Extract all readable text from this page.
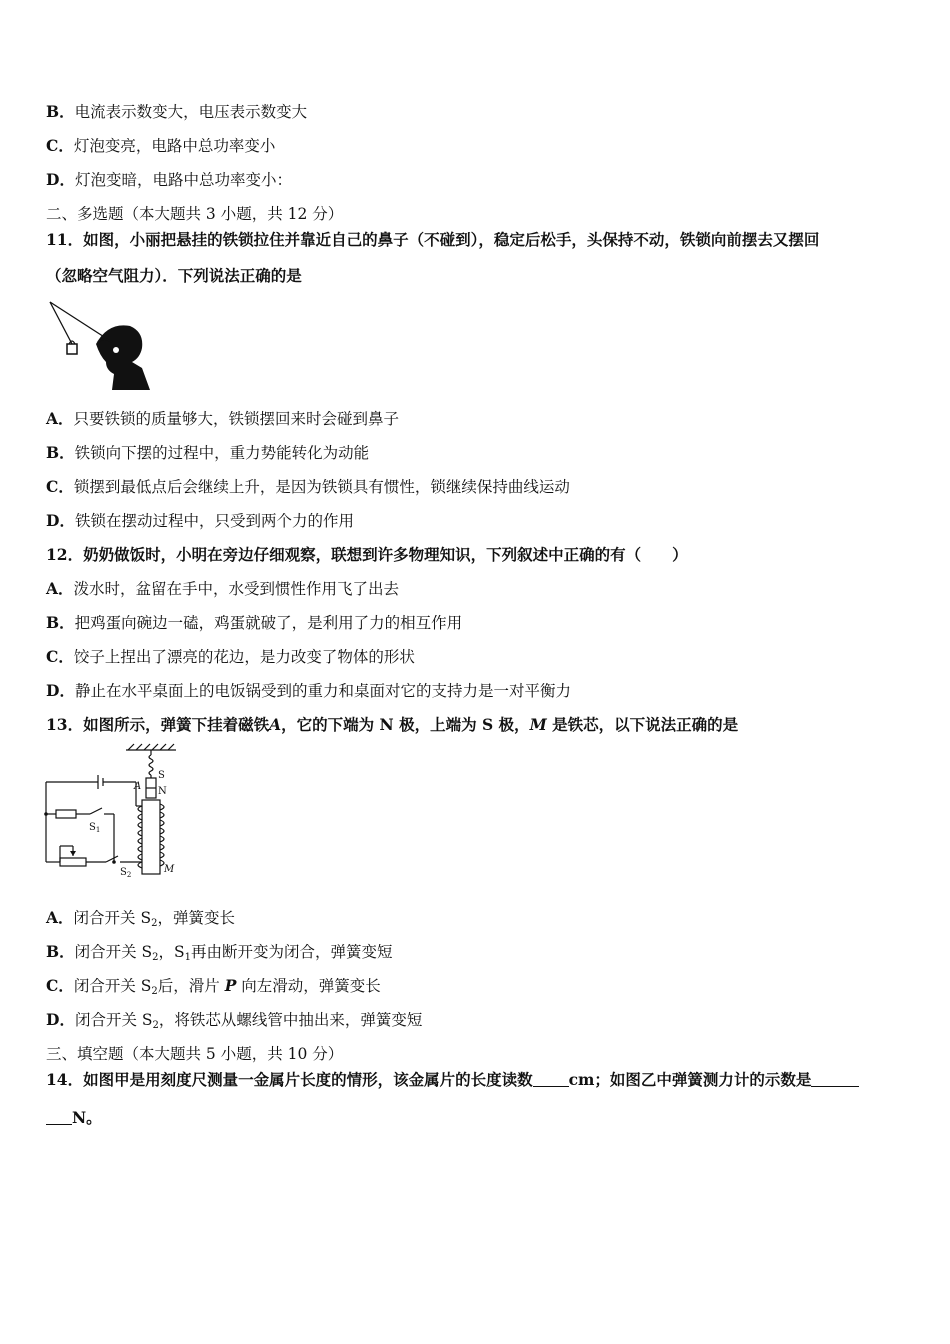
B．电流表示数变大，电压表示数变大
C．灯泡变亮，电路中总功率变小
D．灯泡变暗，电路中总功率变小：
二、多选题（本大题共 3 小题，共 12 分）
11．如图，小丽把悬挂的铁锁拉住并靠近自己的鼻子（不碰到），稳定后松手，头保持不动，铁锁向前摆去又摆回
（忽略空气阻力）．下列说法正确的是
A．只要铁锁的质量够大，铁锁摆回来时会碰到鼻子
B．铁锁向下摆的过程中，重力势能转化为动能
C．锁摆到最低点后会继续上升，是因为铁锁具有惯性，锁继续保持曲线运动
D．铁锁在摆动过程中，只受到两个力的作用
12．奶奶做饭时，小明在旁边仔细观察，联想到许多物理知识，下列叙述中正确的有（　　）
A．泼水时，盆留在手中，水受到惯性作用飞了出去
B．把鸡蛋向碗边一磕，鸡蛋就破了，是利用了力的相互作用
C．饺子上捏出了漂亮的花边，是力改变了物体的形状
D．静止在水平桌面上的电饭锅受到的重力和桌面对它的支持力是一对平衡力
13．如图所示，弹簧下挂着磁铁A，它的下端为 N 极，上端为 S 极，M 是铁芯，以下说法正确的是
S
N
A
$S_1$
$S_2$	M
A．闭合开关 $S_2$，弹簧变长
B．闭合开关 $S_2$，$S_1$再由断开变为闭合，弹簧变短
C．闭合开关 $S_2$后，滑片 P 向左滑动，弹簧变长
D．闭合开关 $S_2$，将铁芯从螺线管中抽出来，弹簧变短
三、填空题（本大题共 5 小题，共 10 分）
14．如图甲是用刻度尺测量一金属片长度的情形，该金属片的长度读数 cm；如图乙中弹簧测力计的示数是
N。
